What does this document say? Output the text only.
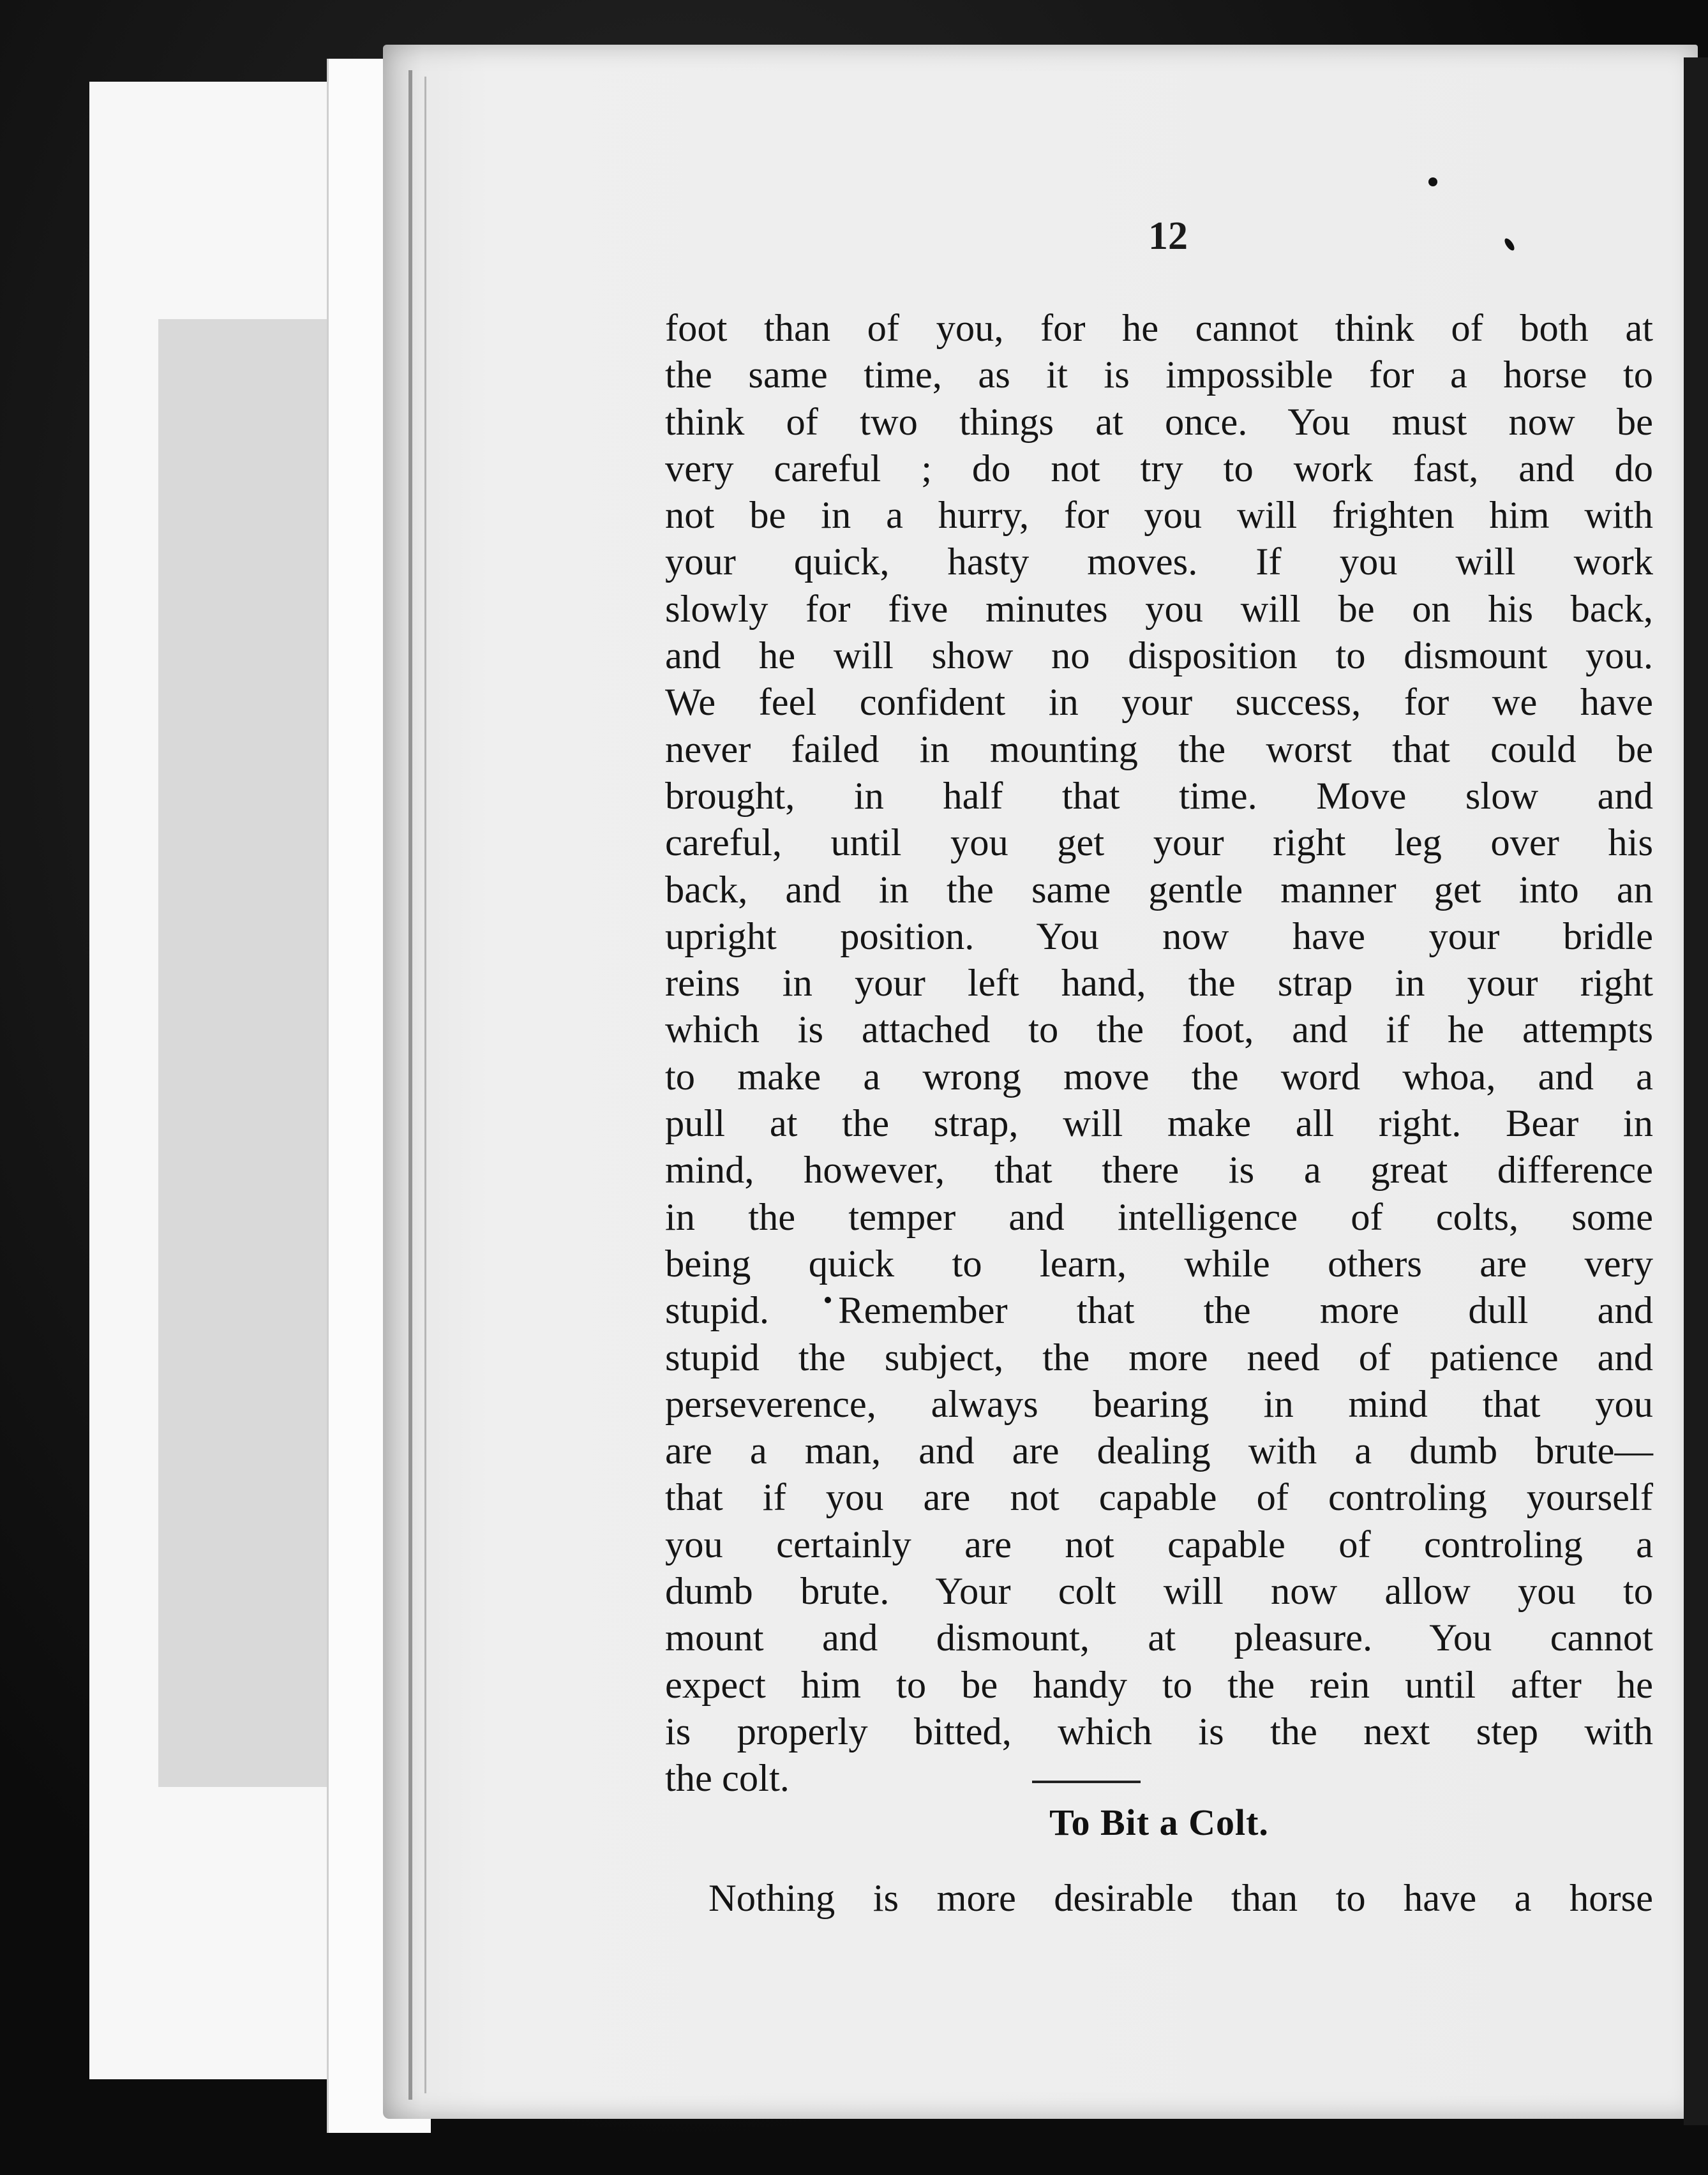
12
foot than of you, for he cannot think of both at
the same time, as it is impossible for a horse to
think of two things at once. You must now be
very careful ; do not try to work fast, and do
not be in a hurry, for you will frighten him with
your quick, hasty moves. If you will work
slowly for five minutes you will be on his back,
and he will show no disposition to dismount you.
We feel confident in your success, for we have
never failed in mounting the worst that could be
brought, in half that time. Move slow and
careful, until you get your right leg over his
back, and in the same gentle manner get into an
upright position. You now have your bridle
reins in your left hand, the strap in your right
which is attached to the foot, and if he attempts
to make a wrong move the word whoa, and a
pull at the strap, will make all right. Bear in
mind, however, that there is a great difference
in the temper and intelligence of colts, some
being quick to learn, while others are very
stupid. Remember that the more dull and
stupid the subject, the more need of patience and
perseverence, always bearing in mind that you
are a man, and are dealing with a dumb brute—
that if you are not capable of controling yourself
you certainly are not capable of controling a
dumb brute. Your colt will now allow you to
mount and dismount, at pleasure. You cannot
expect him to be handy to the rein until after he
is properly bitted, which is the next step with
the colt.
To Bit a Colt.
Nothing is more desirable than to have a horse
